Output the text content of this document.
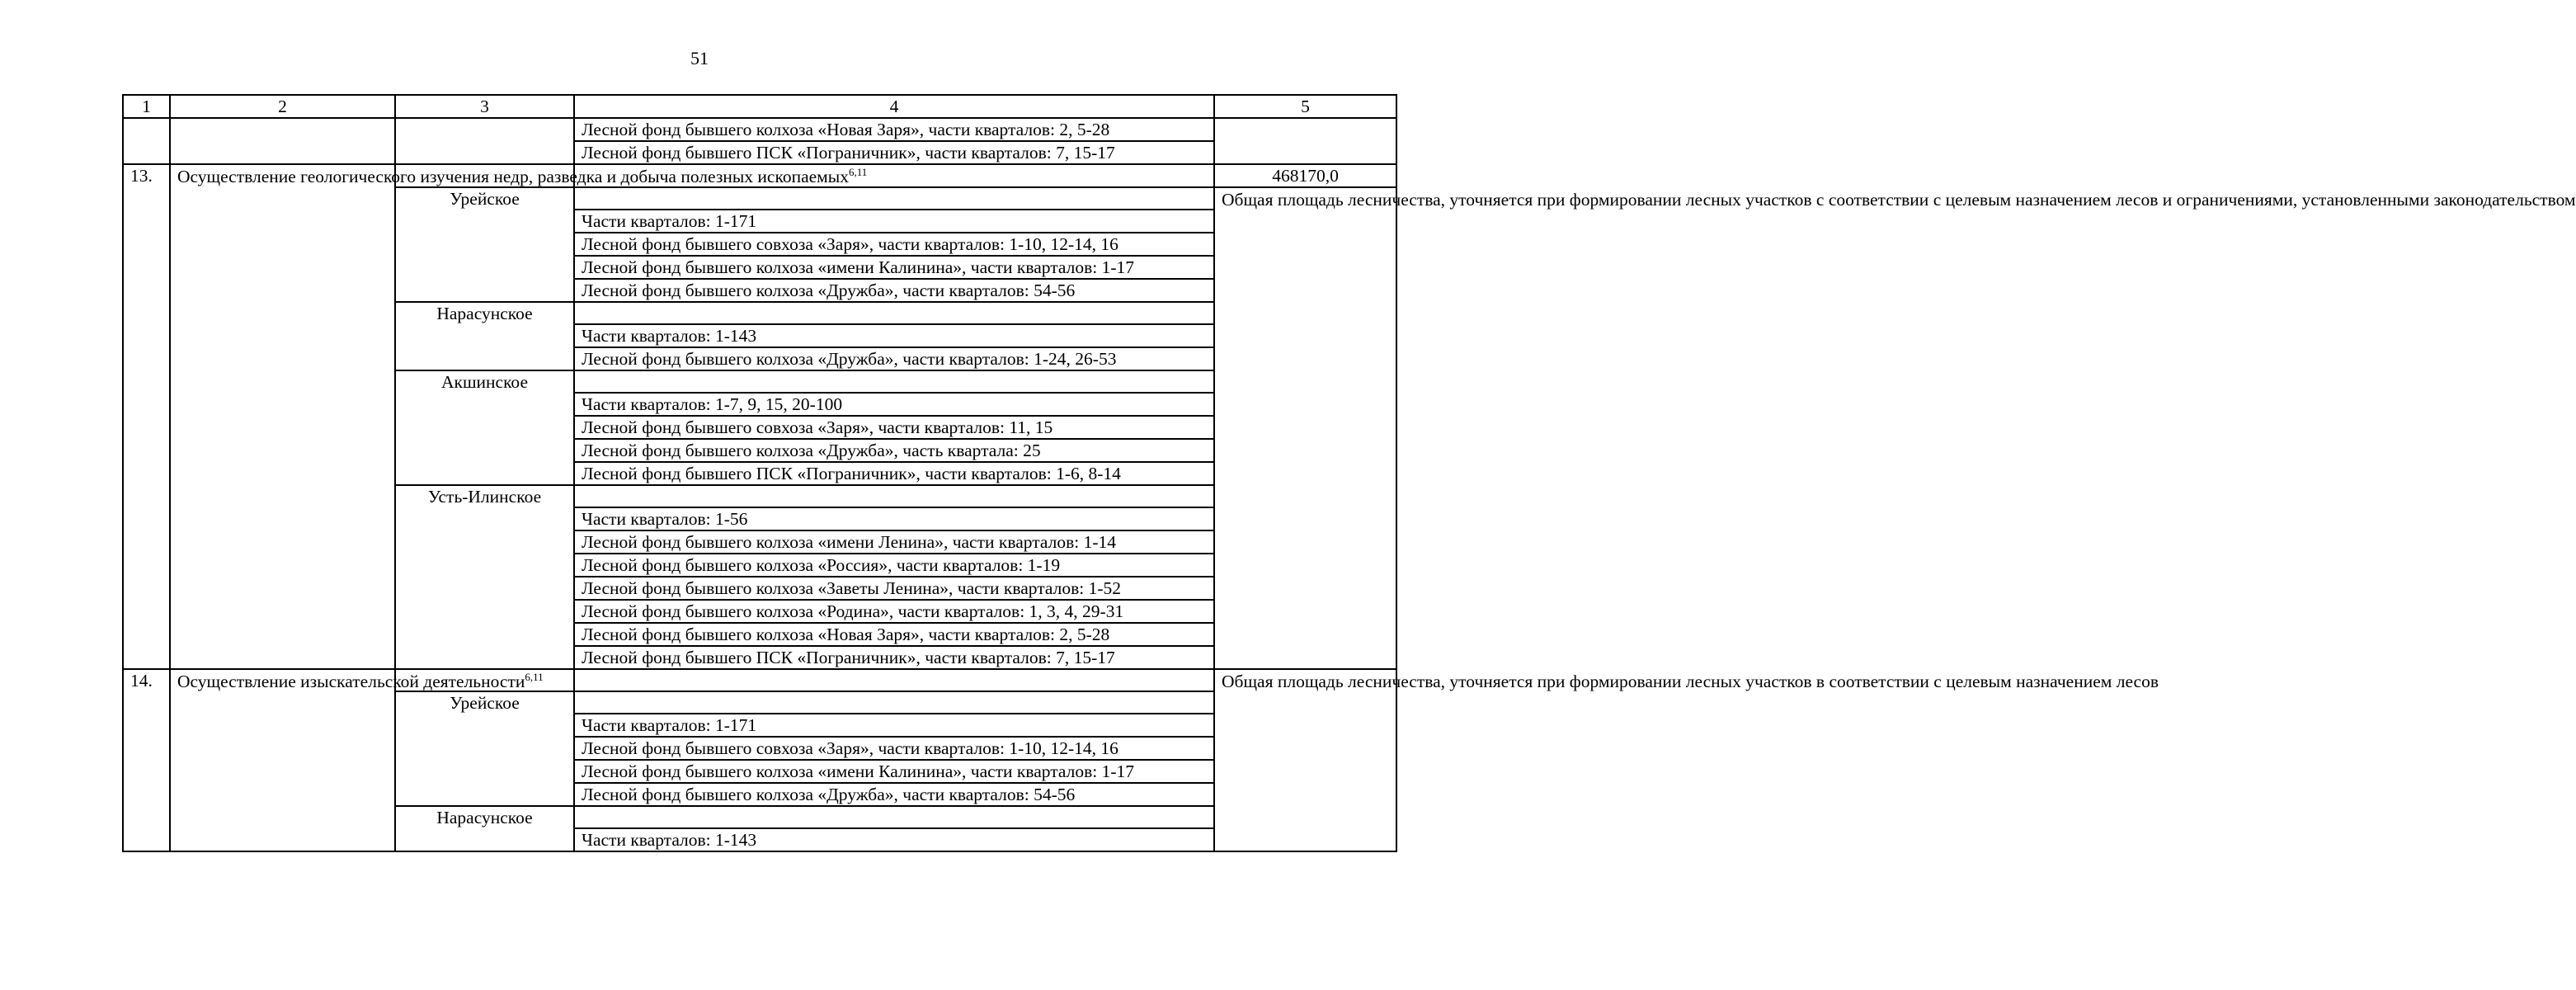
51
1	2	3	4	5
			Лесной фонд бывшего колхоза «Новая Заря», части кварталов: 2, 5-28	
			Лесной фонд бывшего ПСК «Пограничник», части кварталов: 7, 15-17	
13.	Осуществление геологического изучения недр, разведка и добыча полезных ископаемых$^{6,11}$			468170,0
		Урейское		Общая площадь лесничества, уточняется при формировании лесных участков с соответствии с целевым назначением лесов и ограничениями, установленными законодательством
			Части кварталов: 1-171	
			Лесной фонд бывшего совхоза «Заря», части кварталов: 1-10, 12-14, 16	
			Лесной фонд бывшего колхоза «имени Калинина», части кварталов: 1-17	
			Лесной фонд бывшего колхоза «Дружба», части кварталов: 54-56	
		Нарасунское		
			Части кварталов: 1-143	
			Лесной фонд бывшего колхоза «Дружба», части кварталов: 1-24, 26-53	
		Акшинское		
			Части кварталов: 1-7, 9, 15, 20-100	
			Лесной фонд бывшего совхоза «Заря», части кварталов: 11, 15	
			Лесной фонд бывшего колхоза «Дружба», часть квартала: 25	
			Лесной фонд бывшего ПСК «Пограничник», части кварталов: 1-6, 8-14	
		Усть-Илинское		
			Части кварталов: 1-56	
			Лесной фонд бывшего колхоза «имени Ленина», части кварталов: 1-14	
			Лесной фонд бывшего колхоза «Россия», части кварталов: 1-19	
			Лесной фонд бывшего колхоза «Заветы Ленина», части кварталов: 1-52	
			Лесной фонд бывшего колхоза «Родина», части кварталов: 1, 3, 4, 29-31	
			Лесной фонд бывшего колхоза «Новая Заря», части кварталов: 2, 5-28	
			Лесной фонд бывшего ПСК «Пограничник», части кварталов: 7, 15-17	
14.	Осуществление изыскательской деятельности$^{6,11}$			Общая площадь лесничества, уточняется при формировании лесных участков в соответствии с целевым назначением лесов
		Урейское		
			Части кварталов: 1-171	
			Лесной фонд бывшего совхоза «Заря», части кварталов: 1-10, 12-14, 16	
			Лесной фонд бывшего колхоза «имени Калинина», части кварталов: 1-17	
			Лесной фонд бывшего колхоза «Дружба», части кварталов: 54-56	
		Нарасунское		
			Части кварталов: 1-143	
